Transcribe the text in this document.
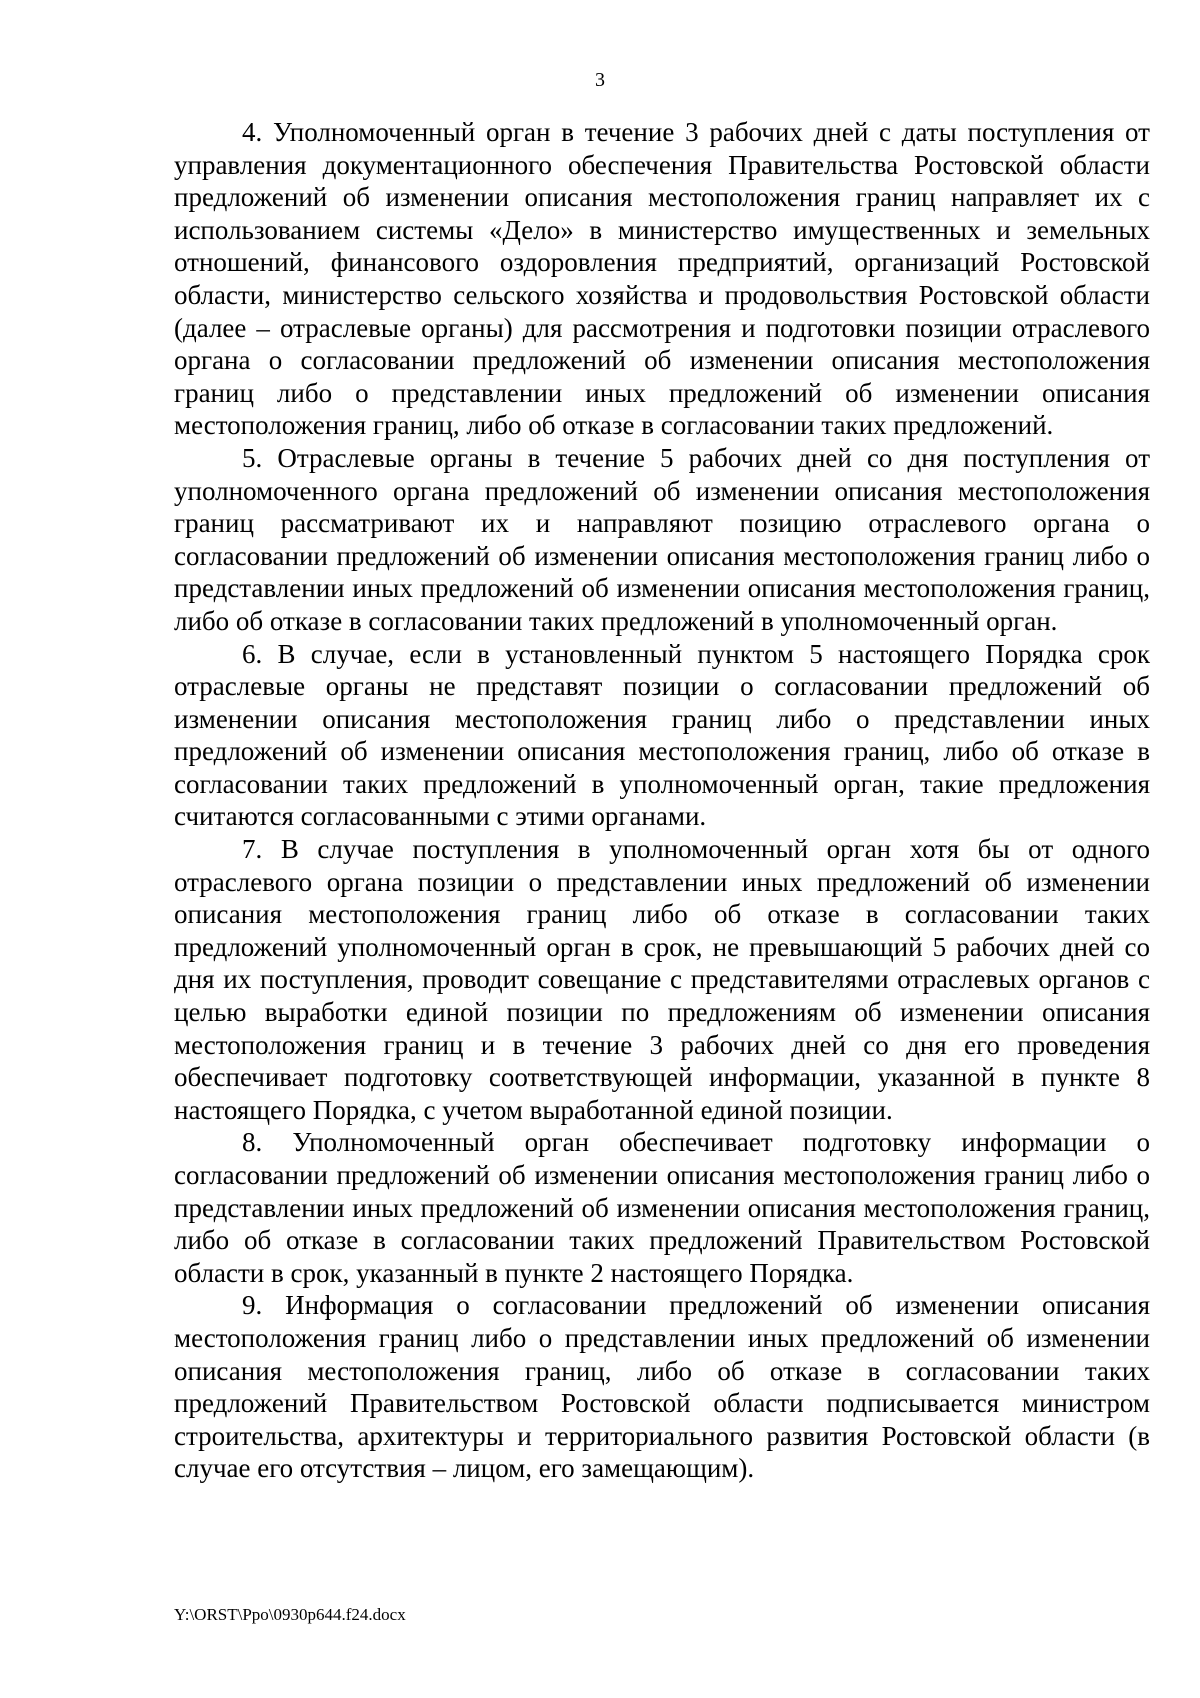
3

4. Уполномоченный орган в течение 3 рабочих дней с даты поступления от управления документационного обеспечения Правительства Ростовской области предложений об изменении описания местоположения границ направляет их с использованием системы «Дело» в министерство имущественных и земельных отношений, финансового оздоровления предприятий, организаций Ростовской области, министерство сельского хозяйства и продовольствия Ростовской области (далее – отраслевые органы) для рассмотрения и подготовки позиции отраслевого органа о согласовании предложений об изменении описания местоположения границ либо о представлении иных предложений об изменении описания местоположения границ, либо об отказе в согласовании таких предложений.

5. Отраслевые органы в течение 5 рабочих дней со дня поступления от уполномоченного органа предложений об изменении описания местоположения границ рассматривают их и направляют позицию отраслевого органа о согласовании предложений об изменении описания местоположения границ либо о представлении иных предложений об изменении описания местоположения границ, либо об отказе в согласовании таких предложений в уполномоченный орган.

6. В случае, если в установленный пунктом 5 настоящего Порядка срок отраслевые органы не представят позиции о согласовании предложений об изменении описания местоположения границ либо о представлении иных предложений об изменении описания местоположения границ, либо об отказе в согласовании таких предложений в уполномоченный орган, такие предложения считаются согласованными с этими органами.

7. В случае поступления в уполномоченный орган хотя бы от одного отраслевого органа позиции о представлении иных предложений об изменении описания местоположения границ либо об отказе в согласовании таких предложений уполномоченный орган в срок, не превышающий 5 рабочих дней со дня их поступления, проводит совещание с представителями отраслевых органов с целью выработки единой позиции по предложениям об изменении описания местоположения границ и в течение 3 рабочих дней со дня его проведения обеспечивает подготовку соответствующей информации, указанной в пункте 8 настоящего Порядка, с учетом выработанной единой позиции.

8. Уполномоченный орган обеспечивает подготовку информации о согласовании предложений об изменении описания местоположения границ либо о представлении иных предложений об изменении описания местоположения границ, либо об отказе в согласовании таких предложений Правительством Ростовской области в срок, указанный в пункте 2 настоящего Порядка.

9. Информация о согласовании предложений об изменении описания местоположения границ либо о представлении иных предложений об изменении описания местоположения границ, либо об отказе в согласовании таких предложений Правительством Ростовской области подписывается министром строительства, архитектуры и территориального развития Ростовской области (в случае его отсутствия – лицом, его замещающим).

Y:\ORST\Ppo\0930p644.f24.docx
